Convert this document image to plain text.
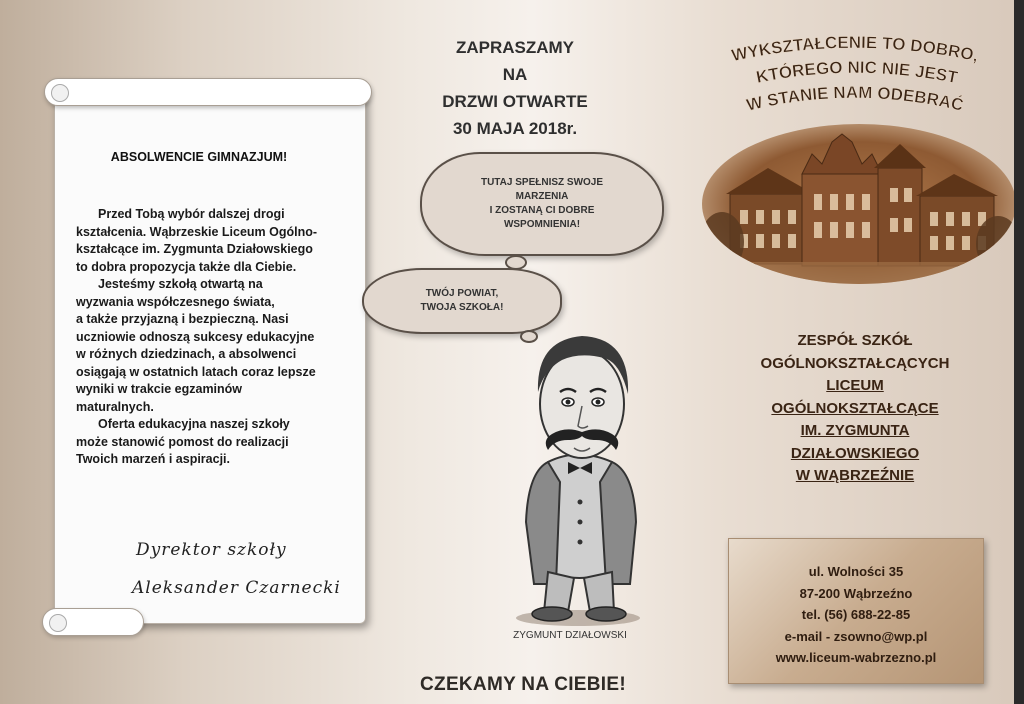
ABSOLWENCIE GIMNAZJUM!

Przed Tobą wybór dalszej drogi

kształcenia. Wąbrzeskie Liceum Ogólno-

kształcące im. Zygmunta Działowskiego

to dobra propozycja także dla Ciebie.

Jesteśmy szkołą otwartą na

wyzwania współczesnego świata,

a także przyjazną i bezpieczną. Nasi

uczniowie odnoszą sukcesy edukacyjne

w różnych dziedzinach, a absolwenci

osiągają w ostatnich latach coraz lepsze

wyniki w trakcie egzaminów

maturalnych.

Oferta edukacyjna naszej szkoły

może stanowić pomost do realizacji

Twoich marzeń i aspiracji.

Dyrektor szkoły
Aleksander Czarnecki
ZAPRASZAMY
NA
DRZWI OTWARTE
30 MAJA 2018r.
TUTAJ SPEŁNISZ SWOJE
MARZENIA
I ZOSTANĄ CI DOBRE
WSPOMNIENIA!
TWÓJ POWIAT,
TWOJA SZKOŁA!
ZYGMUNT DZIAŁOWSKI
CZEKAMY NA CIEBIE!
WYKSZTAŁCENIE TO DOBRO,
KTÓREGO NIC NIE JEST
W STANIE NAM ODEBRAĆ
ZESPÓŁ SZKÓŁ
OGÓLNOKSZTAŁCĄCYCH
LICEUM
OGÓLNOKSZTAŁCĄCE
IM. ZYGMUNTA
DZIAŁOWSKIEGO
W WĄBRZEŹNIE
ul. Wolności 35
87-200 Wąbrzeźno
tel. (56) 688-22-85
e-mail - zsowno@wp.pl
www.liceum-wabrzezno.pl
